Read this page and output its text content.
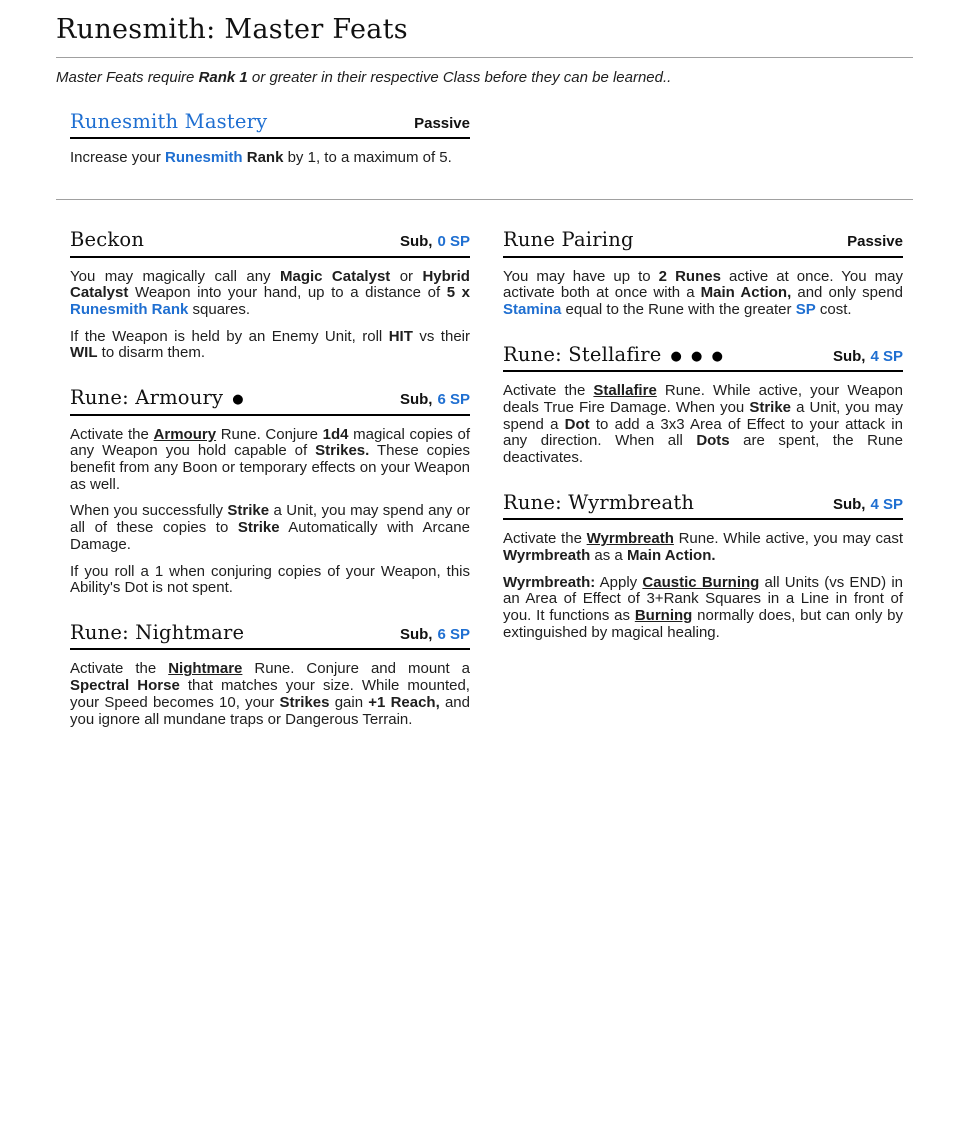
Runesmith: Master Feats

Master Feats require Rank 1 or greater in their respective Class before they can be learned..

Runesmith Mastery	Passive

Increase your Runesmith Rank by 1, to a maximum of 5.

Beckon	Sub, 0 SP

You may magically call any Magic Catalyst or Hybrid Catalyst Weapon into your hand, up to a distance of 5 x Runesmith Rank squares.

If the Weapon is held by an Enemy Unit, roll HIT vs their WIL to disarm them.

Rune: Armoury ●	Sub, 6 SP

Activate the Armoury Rune. Conjure 1d4 magical copies of any Weapon you hold capable of Strikes. These copies benefit from any Boon or temporary effects on your Weapon as well.

When you successfully Strike a Unit, you may spend any or all of these copies to Strike Automatically with Arcane Damage.

If you roll a 1 when conjuring copies of your Weapon, this Ability's Dot is not spent.

Rune: Nightmare	Sub, 6 SP

Activate the Nightmare Rune. Conjure and mount a Spectral Horse that matches your size. While mounted, your Speed becomes 10, your Strikes gain +1 Reach, and you ignore all mundane traps or Dangerous Terrain.

Rune Pairing	Passive

You may have up to 2 Runes active at once. You may activate both at once with a Main Action, and only spend Stamina equal to the Rune with the greater SP cost.

Rune: Stellafire ● ● ●	Sub, 4 SP

Activate the Stallafire Rune. While active, your Weapon deals True Fire Damage. When you Strike a Unit, you may spend a Dot to add a 3x3 Area of Effect to your attack in any direction. When all Dots are spent, the Rune deactivates.

Rune: Wyrmbreath	Sub, 4 SP

Activate the Wyrmbreath Rune. While active, you may cast Wyrmbreath as a Main Action.

Wyrmbreath: Apply Caustic Burning all Units (vs END) in an Area of Effect of 3+Rank Squares in a Line in front of you. It functions as Burning normally does, but can only by extinguished by magical healing.
